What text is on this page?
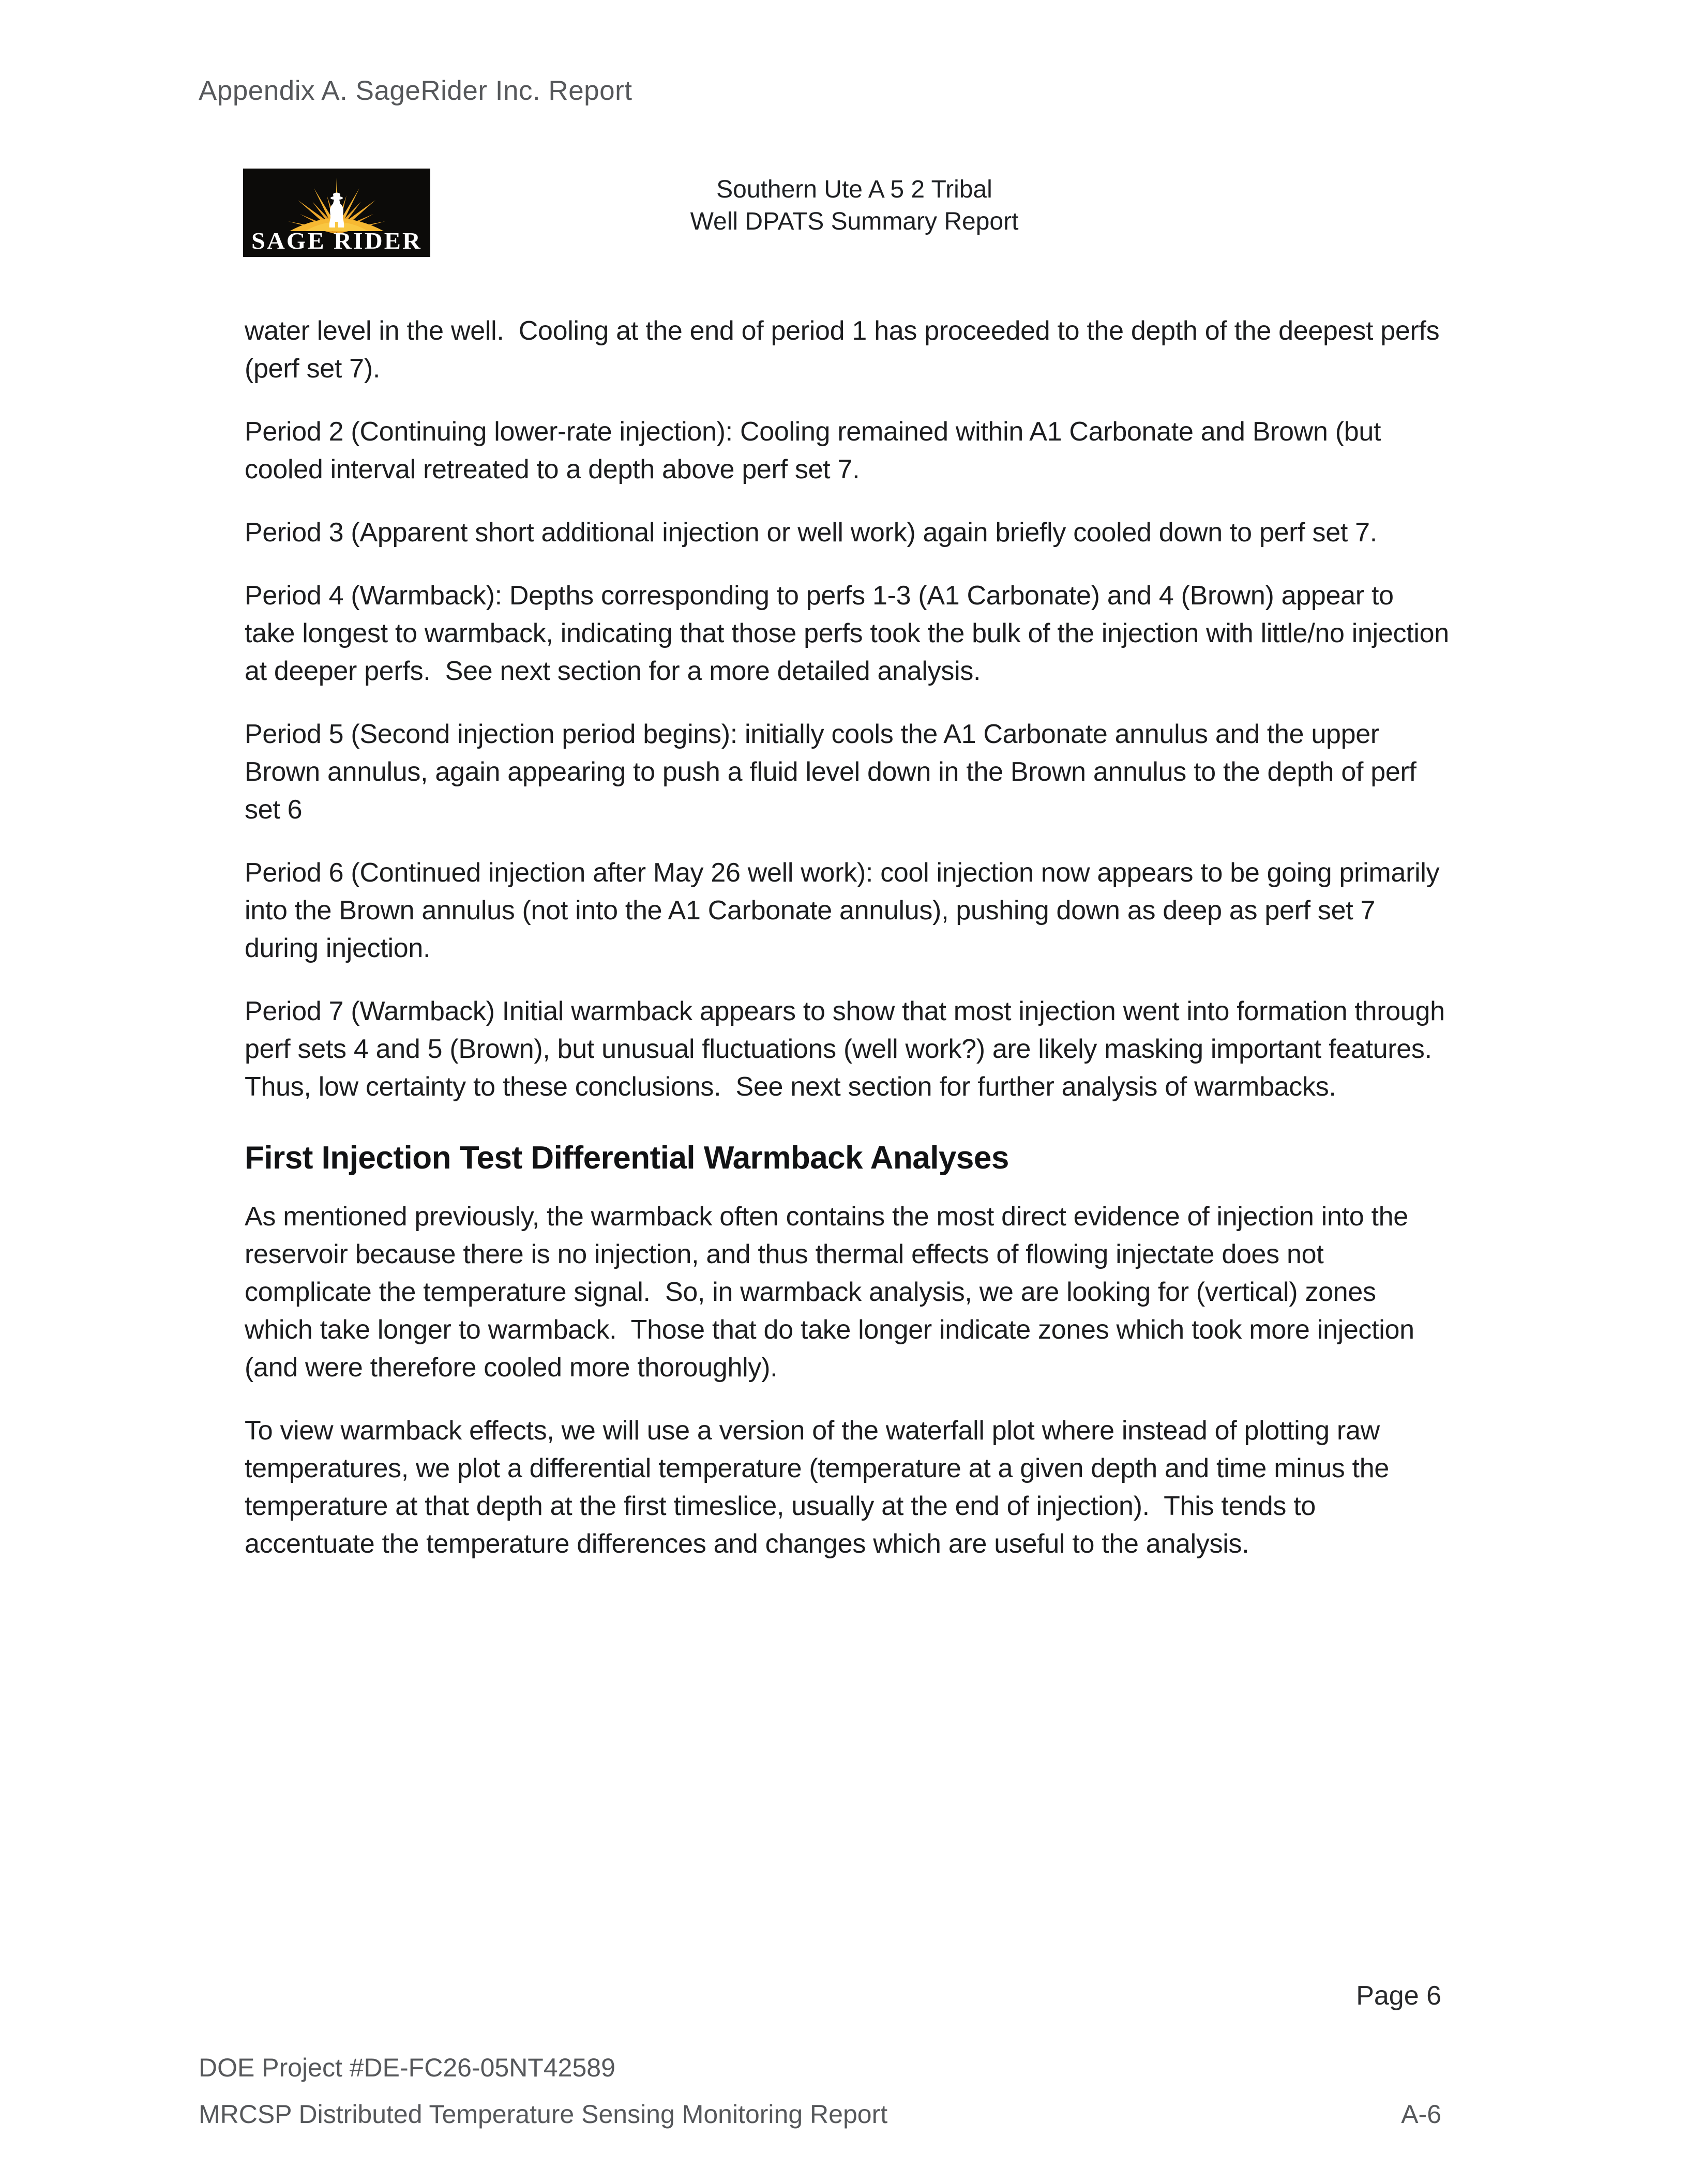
Appendix A. SageRider Inc. Report
SAGE RIDER
Southern Ute A 5 2 Tribal
Well DPATS Summary Report

water level in the well.  Cooling at the end of period 1 has proceeded to the depth of the deepest perfs (perf set 7).

Period 2 (Continuing lower-rate injection): Cooling remained within A1 Carbonate and Brown (but cooled interval retreated to a depth above perf set 7.

Period 3 (Apparent short additional injection or well work) again briefly cooled down to perf set 7.

Period 4 (Warmback): Depths corresponding to perfs 1-3 (A1 Carbonate) and 4 (Brown) appear to take longest to warmback, indicating that those perfs took the bulk of the injection with little/no injection at deeper perfs.  See next section for a more detailed analysis.

Period 5 (Second injection period begins): initially cools the A1 Carbonate annulus and the upper Brown annulus, again appearing to push a fluid level down in the Brown annulus to the depth of perf set 6

Period 6 (Continued injection after May 26 well work): cool injection now appears to be going primarily into the Brown annulus (not into the A1 Carbonate annulus), pushing down as deep as perf set 7 during injection.

Period 7 (Warmback) Initial warmback appears to show that most injection went into formation through perf sets 4 and 5 (Brown), but unusual fluctuations (well work?) are likely masking important features.  Thus, low certainty to these conclusions.  See next section for further analysis of warmbacks.

First Injection Test Differential Warmback Analyses

As mentioned previously, the warmback often contains the most direct evidence of injection into the reservoir because there is no injection, and thus thermal effects of flowing injectate does not complicate the temperature signal.  So, in warmback analysis, we are looking for (vertical) zones which take longer to warmback.  Those that do take longer indicate zones which took more injection (and were therefore cooled more thoroughly).

To view warmback effects, we will use a version of the waterfall plot where instead of plotting raw temperatures, we plot a differential temperature (temperature at a given depth and time minus the temperature at that depth at the first timeslice, usually at the end of injection).  This tends to accentuate the temperature differences and changes which are useful to the analysis.

Page 6
DOE Project #DE-FC26-05NT42589
MRCSP Distributed Temperature Sensing Monitoring Report	A-6
